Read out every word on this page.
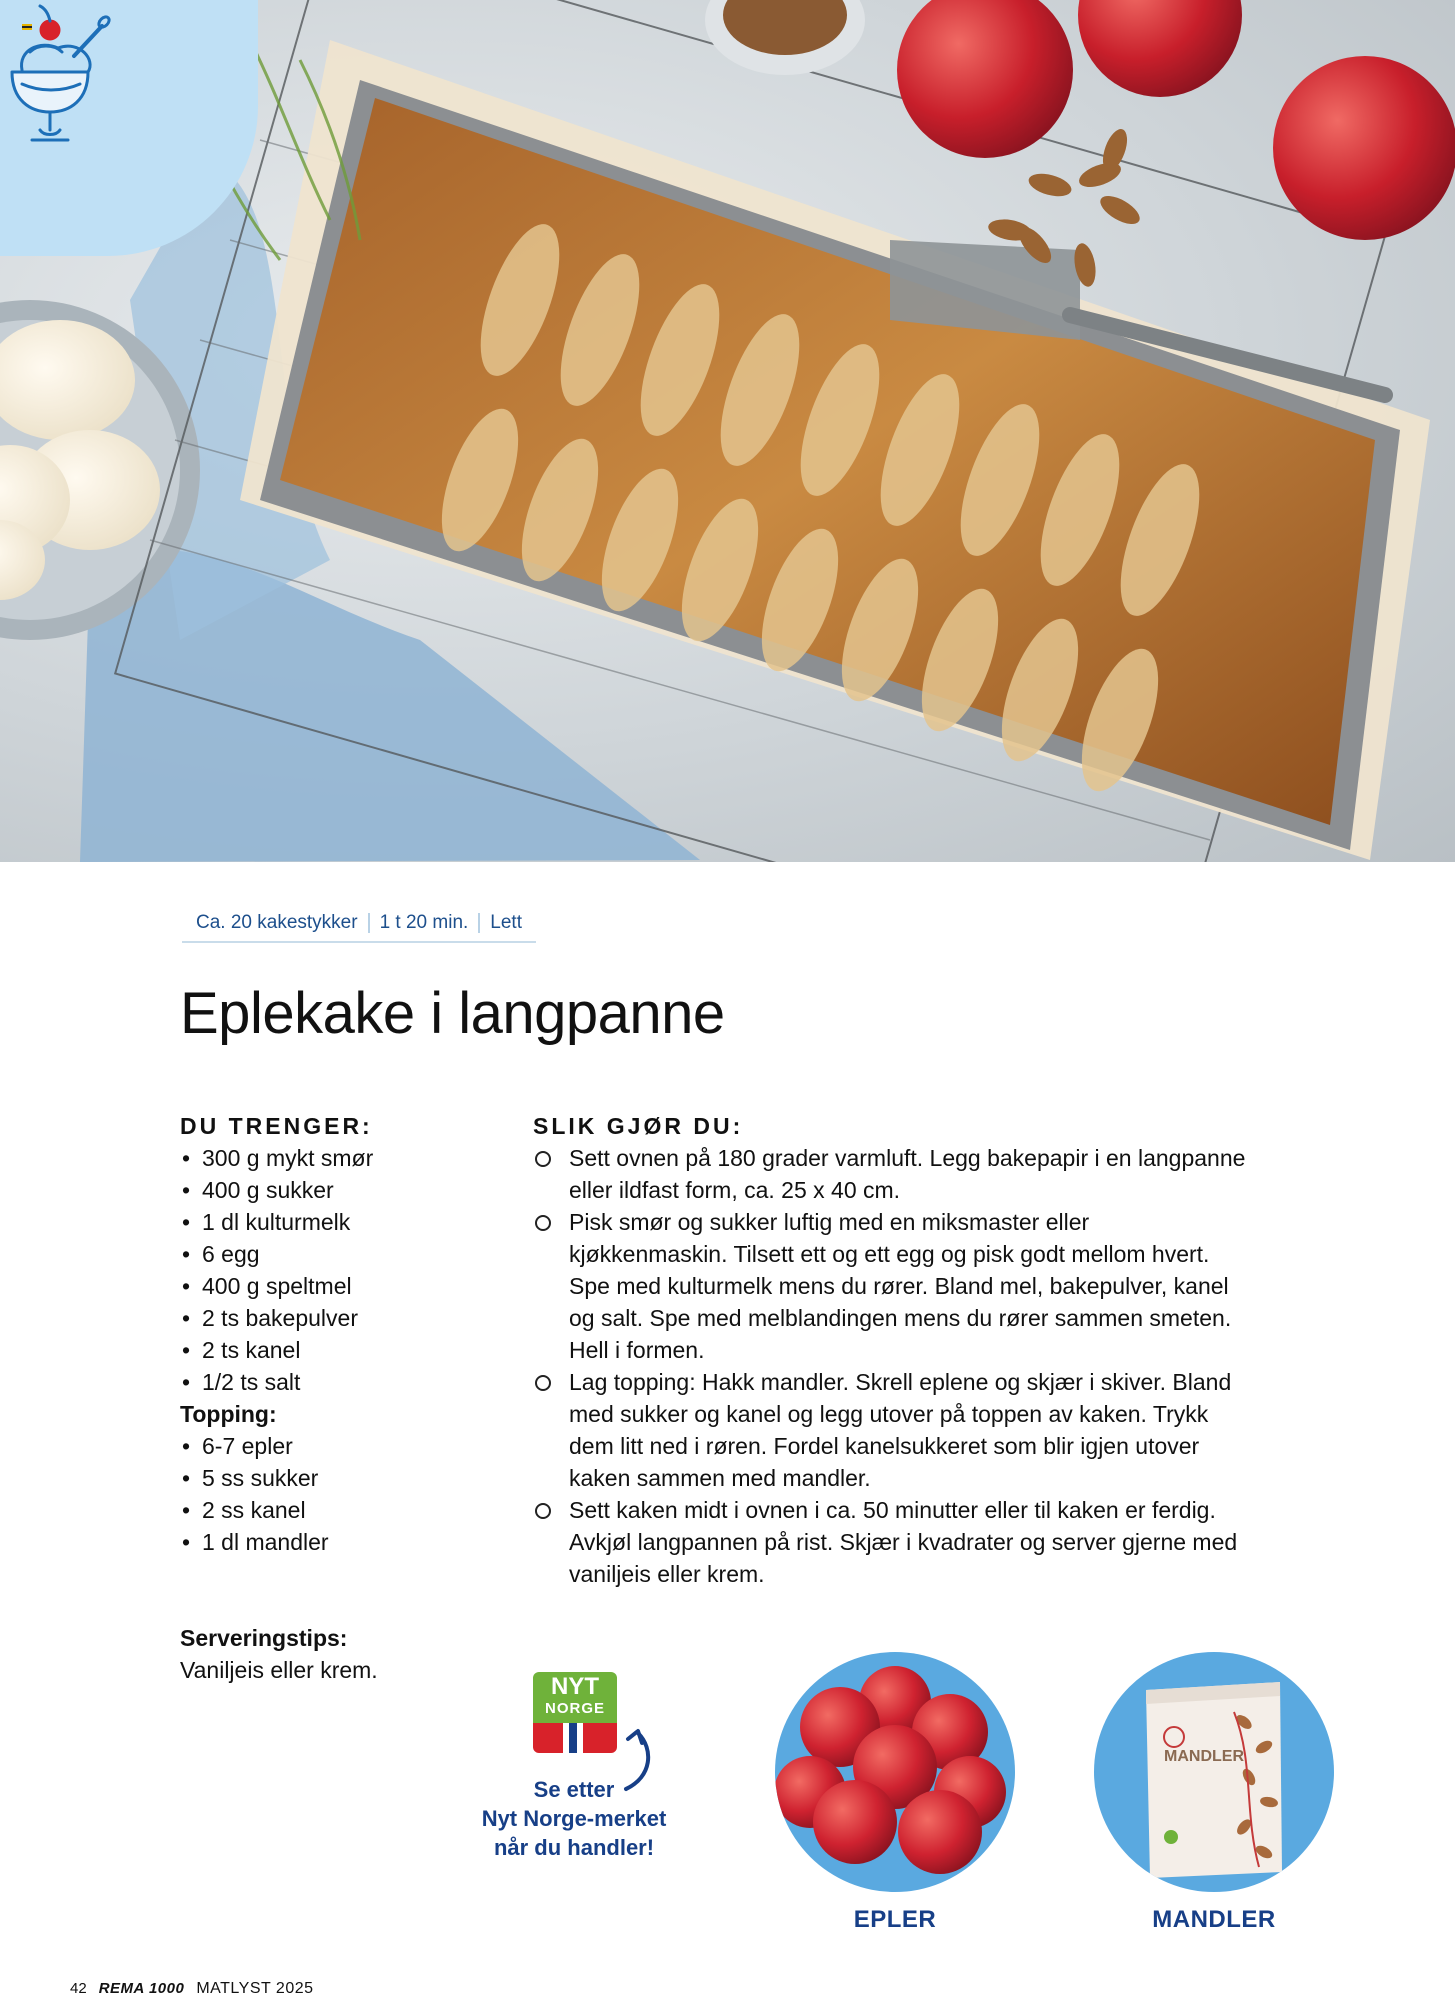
Ca. 20 kakestykker	1 t 20 min.	Lett
Eplekake i langpanne

DU TRENGER:

• 300 g mykt smør
• 400 g sukker
• 1 dl kulturmelk
• 6 egg
• 400 g speltmel
• 2 ts bakepulver
• 2 ts kanel
• 1/2 ts salt

Topping:

• 6-7 epler
• 5 ss sukker
• 2 ss kanel
• 1 dl mandler
Serveringstips:
Vaniljeis eller krem.

SLIK GJØR DU:

Sett ovnen på 180 grader varmluft. Legg bakepapir i en langpanne eller ildfast form, ca. 25 x 40 cm.
Pisk smør og sukker luftig med en miksmaster eller kjøkkenmaskin. Tilsett ett og ett egg og pisk godt mellom hvert. Spe med kulturmelk mens du rører. Bland mel, bakepulver, kanel og salt. Spe med melblandingen mens du rører sammen smeten. Hell i formen.
Lag topping: Hakk mandler. Skrell eplene og skjær i skiver. Bland med sukker og kanel og legg utover på toppen av kaken. Trykk dem litt ned i røren. Fordel kanelsukkeret som blir igjen utover kaken sammen med mandler.
Sett kaken midt i ovnen i ca. 50 minutter eller til kaken er ferdig. Avkjøl langpannen på rist. Skjær i kvadrater og server gjerne med vaniljeis eller krem.
NYT
NORGE
Se etter
Nyt Norge-merket
når du handler!
EPLER
MANDLER
MANDLER
42 REMA 1000 MATLYST 2025
